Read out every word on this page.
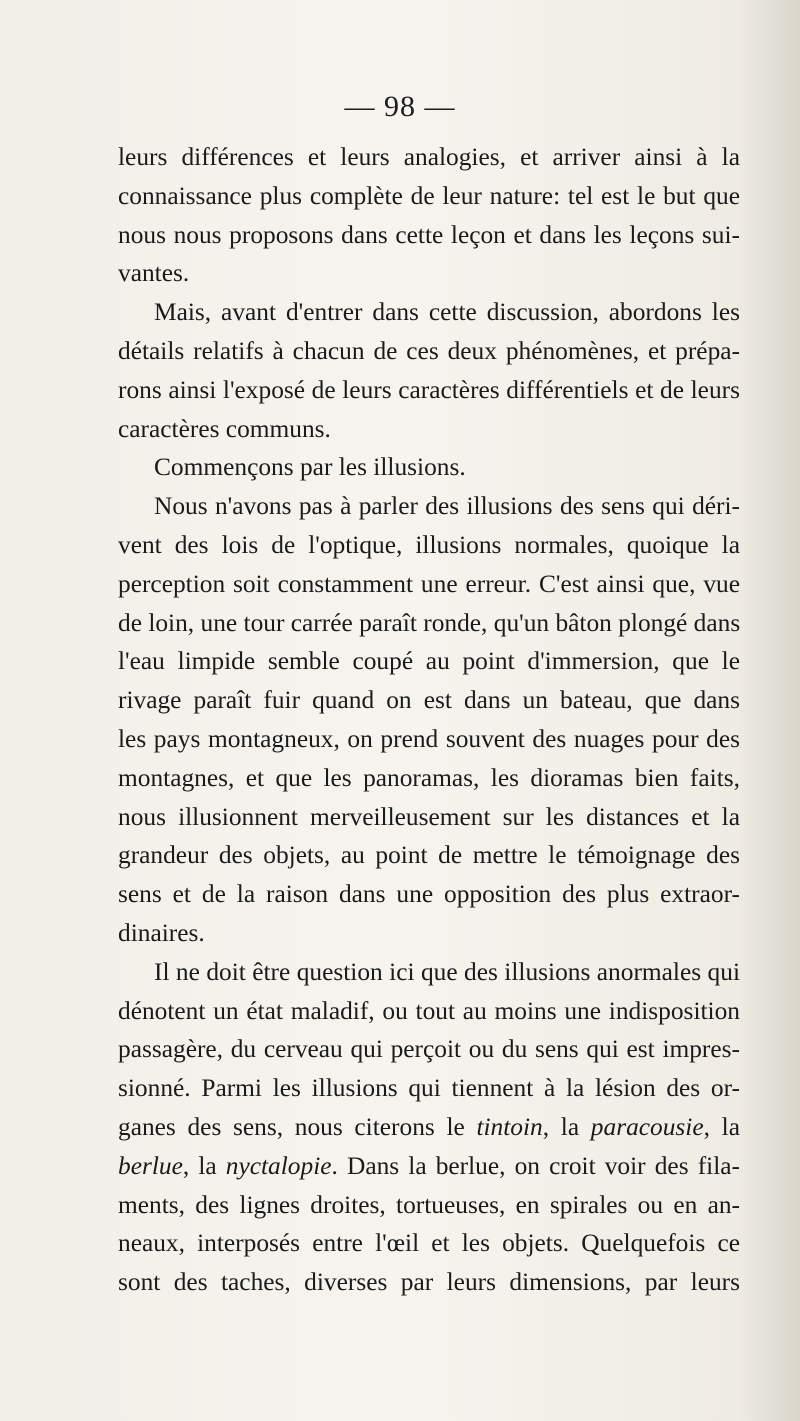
— 98 —
leurs différences et leurs analogies, et arriver ainsi à la
connaissance plus complète de leur nature: tel est le but que
nous nous proposons dans cette leçon et dans les leçons sui-
vantes.
Mais, avant d'entrer dans cette discussion, abordons les
détails relatifs à chacun de ces deux phénomènes, et prépa-
rons ainsi l'exposé de leurs caractères différentiels et de leurs
caractères communs.
Commençons par les illusions.
Nous n'avons pas à parler des illusions des sens qui déri-
vent des lois de l'optique, illusions normales, quoique la
perception soit constamment une erreur. C'est ainsi que, vue
de loin, une tour carrée paraît ronde, qu'un bâton plongé dans
l'eau limpide semble coupé au point d'immersion, que le
rivage paraît fuir quand on est dans un bateau, que dans
les pays montagneux, on prend souvent des nuages pour des
montagnes, et que les panoramas, les dioramas bien faits,
nous illusionnent merveilleusement sur les distances et la
grandeur des objets, au point de mettre le témoignage des
sens et de la raison dans une opposition des plus extraor-
dinaires.
Il ne doit être question ici que des illusions anormales qui
dénotent un état maladif, ou tout au moins une indisposition
passagère, du cerveau qui perçoit ou du sens qui est impres-
sionné. Parmi les illusions qui tiennent à la lésion des or-
ganes des sens, nous citerons le tintoin, la paracousie, la
berlue, la nyctalopie. Dans la berlue, on croit voir des fila-
ments, des lignes droites, tortueuses, en spirales ou en an-
neaux, interposés entre l'œil et les objets. Quelquefois ce
sont des taches, diverses par leurs dimensions, par leurs
